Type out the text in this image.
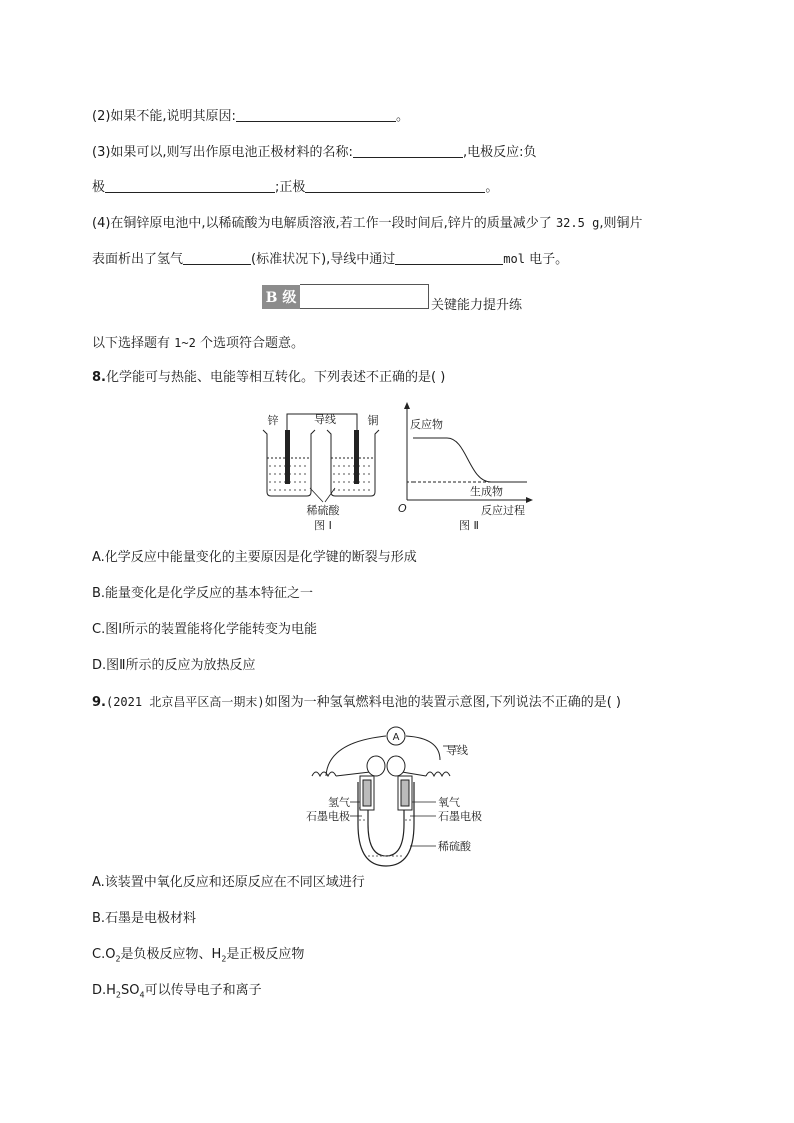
(2)如果不能,说明其原因:	。
(3)如果可以,则写出作原电池正极材料的名称:	,电极反应:负
极	;正极	。
(4)在铜锌原电池中,以稀硫酸为电解质溶液,若工作一段时间后,锌片的质量减少了 32.5 g,则铜片
表面析出了氢气	(标准状况下),导线中通过	mol 电子。
B 级	关键能力提升练
以下选择题有 1~2 个选项符合题意。
8.化学能可与热能、电能等相互转化。下列表述不正确的是( )
导线
锌	铜
稀硫酸
图 Ⅰ
反应物
生成物
O	反应过程
图 Ⅱ
A.化学反应中能量变化的主要原因是化学键的断裂与形成
B.能量变化是化学反应的基本特征之一
C.图Ⅰ所示的装置能将化学能转变为电能
D.图Ⅱ所示的反应为放热反应
9.(2021 北京昌平区高一期末)如图为一种氢氧燃料电池的装置示意图,下列说法不正确的是( )
A
导线
氢气
石墨电极
氧气
石墨电极
稀硫酸
A.该装置中氧化反应和还原反应在不同区域进行
B.石墨是电极材料
$C.O_2$是负极反应物、$H_2$是正极反应物
$D.H_2SO_4$可以传导电子和离子
